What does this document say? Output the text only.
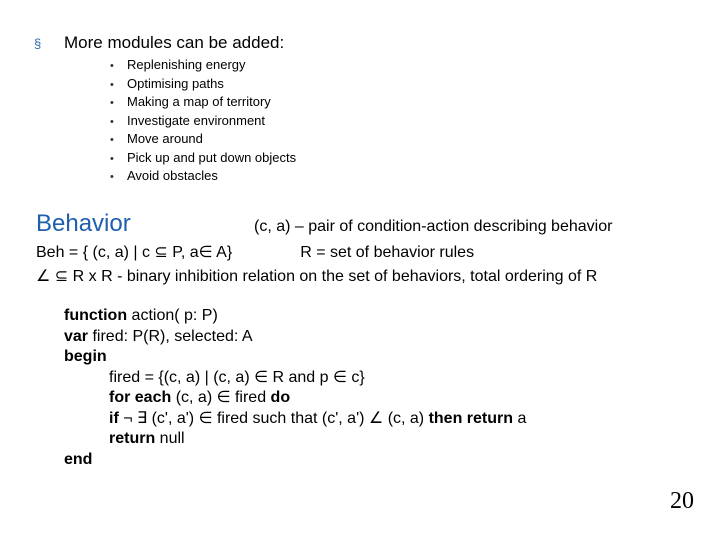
§ More modules can be added:
• Replenishing energy
• Optimising paths
• Making a map of territory
• Investigate environment
• Move around
• Pick up and put down objects
• Avoid obstacles
Behavior	(c, a) – pair of condition-action describing behavior
Beh = { (c, a) | c ⊆ P, a∈ A}	R = set of behavior rules
∠ ⊆ R x R - binary inhibition relation on the set of behaviors, total ordering of R
function action( p: P)
var fired: P(R), selected: A
begin
fired = {(c, a) | (c, a) ∈ R and p ∈ c}
for each (c, a) ∈ fired do
if ¬ ∃ (c', a') ∈ fired such that (c', a') ∠ (c, a) then return a
return null
end
20
